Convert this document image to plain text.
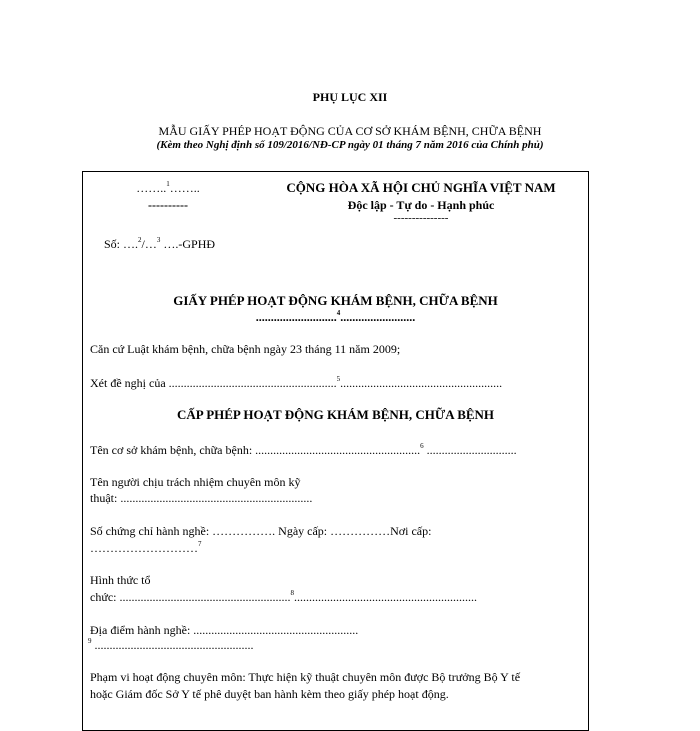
PHỤ LỤC XII
MẪU GIẤY PHÉP HOẠT ĐỘNG CỦA CƠ SỞ KHÁM BỆNH, CHỮA BỆNH
(Kèm theo Nghị định số 109/2016/NĐ-CP ngày 01 tháng 7 năm 2016 của Chính phủ)
……..$^1$……..
----------
CỘNG HÒA XÃ HỘI CHỦ NGHĨA VIỆT NAM
Độc lập - Tự do - Hạnh phúc
---------------
Số: ….$^2$/…$^3$ ….-GPHĐ
GIẤY PHÉP HOẠT ĐỘNG KHÁM BỆNH, CHỮA BỆNH
...........................$^4$.........................
Căn cứ Luật khám bệnh, chữa bệnh ngày 23 tháng 11 năm 2009;
Xét đề nghị của ........................................................$^5$......................................................
CẤP PHÉP HOẠT ĐỘNG KHÁM BỆNH, CHỮA BỆNH
Tên cơ sở khám bệnh, chữa bệnh: .......................................................$^6$ ..............................
Tên người chịu trách nhiệm chuyên môn kỹ
thuật: ................................................................
Số chứng chỉ hành nghề: ……………. Ngày cấp: ……………Nơi cấp:
………………………$^7$
Hình thức tổ
chức: .........................................................$^8$.............................................................
Địa điểm hành nghề: .......................................................
$^9$ .....................................................
Phạm vi hoạt động chuyên môn: Thực hiện kỹ thuật chuyên môn được Bộ trưởng Bộ Y tế
hoặc Giám đốc Sở Y tế phê duyệt ban hành kèm theo giấy phép hoạt động.
